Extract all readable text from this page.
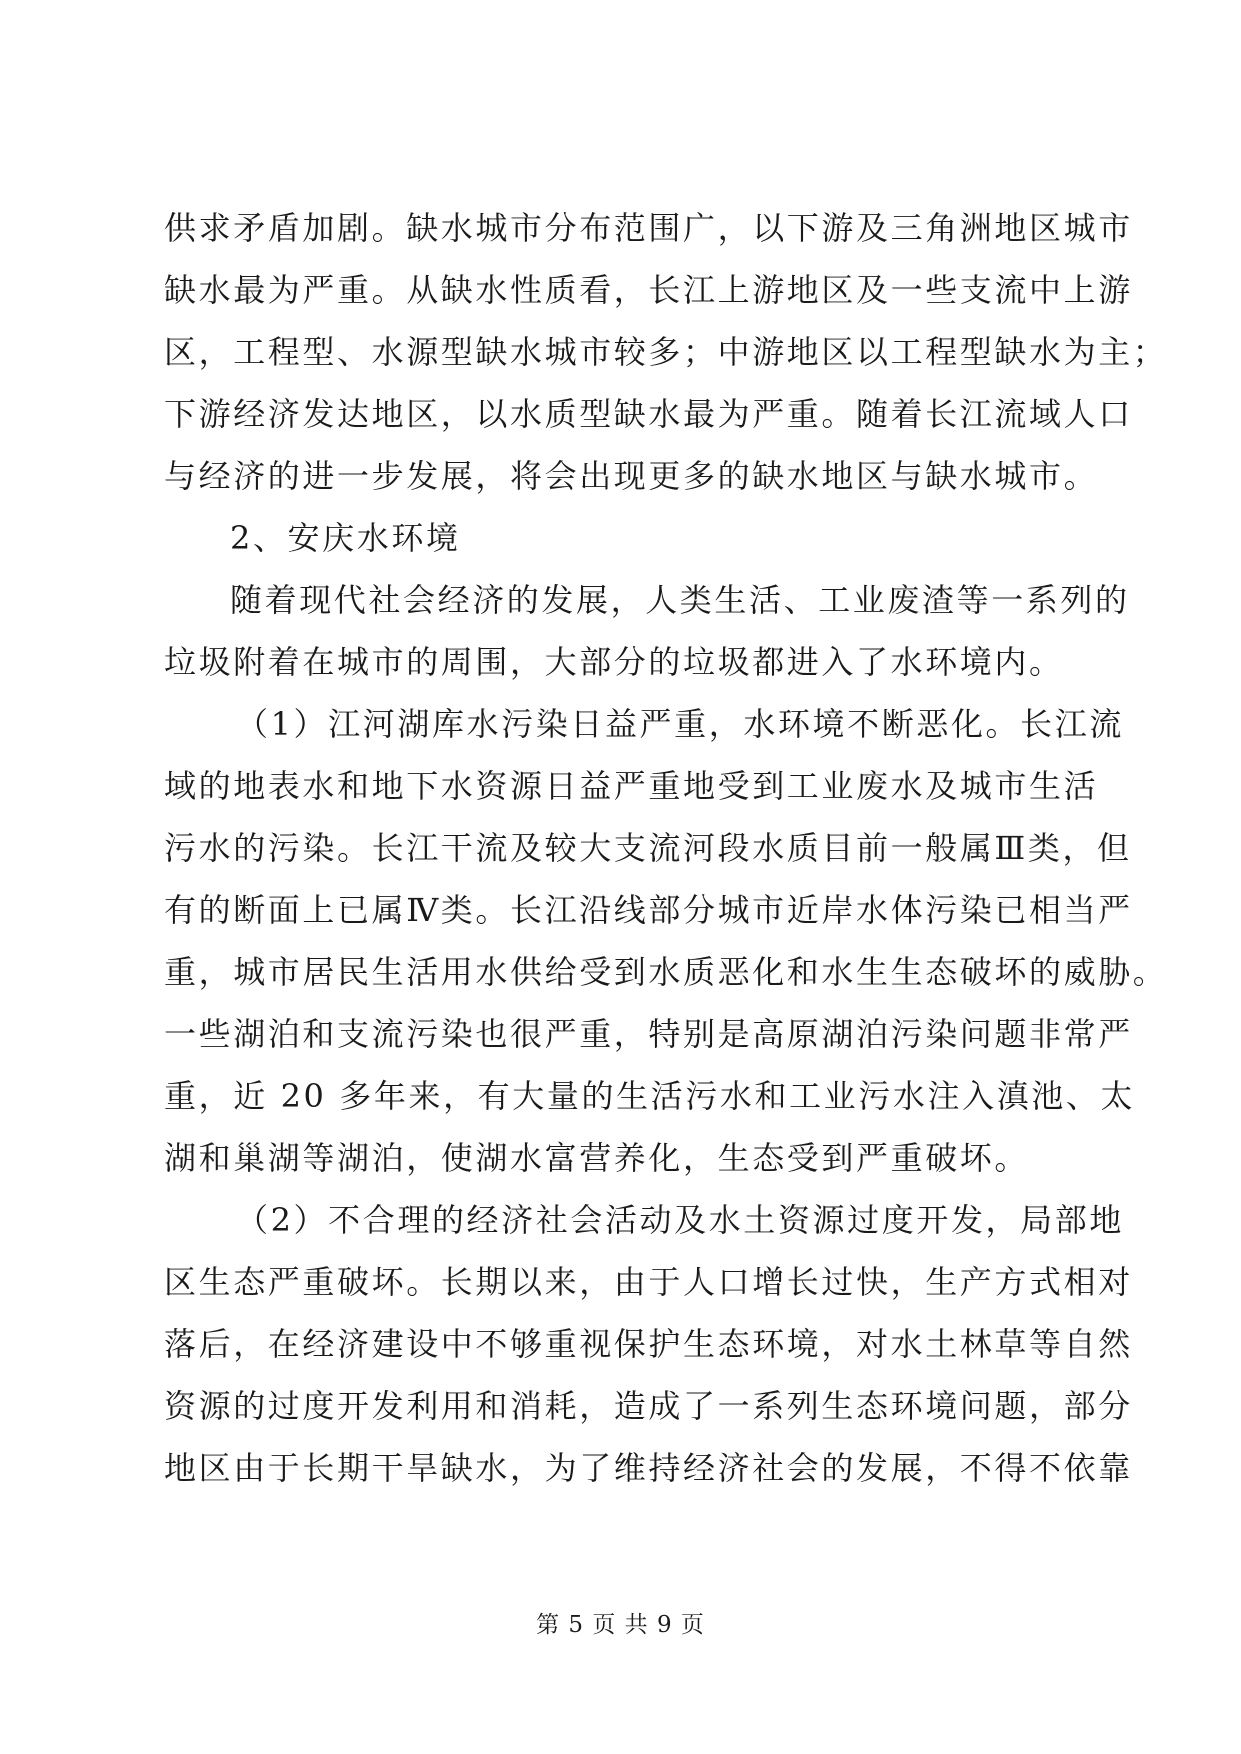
供求矛盾加剧。缺水城市分布范围广，以下游及三角洲地区城市
缺水最为严重。从缺水性质看，长江上游地区及一些支流中上游
区，工程型、水源型缺水城市较多；中游地区以工程型缺水为主；
下游经济发达地区，以水质型缺水最为严重。随着长江流域人口
与经济的进一步发展，将会出现更多的缺水地区与缺水城市。
2、安庆水环境
随着现代社会经济的发展，人类生活、工业废渣等一系列的
垃圾附着在城市的周围，大部分的垃圾都进入了水环境内。
（1）江河湖库水污染日益严重，水环境不断恶化。长江流
域的地表水和地下水资源日益严重地受到工业废水及城市生活
污水的污染。长江干流及较大支流河段水质目前一般属Ⅲ类，但
有的断面上已属Ⅳ类。长江沿线部分城市近岸水体污染已相当严
重，城市居民生活用水供给受到水质恶化和水生生态破坏的威胁。
一些湖泊和支流污染也很严重，特别是高原湖泊污染问题非常严
重，近 20 多年来，有大量的生活污水和工业污水注入滇池、太
湖和巢湖等湖泊，使湖水富营养化，生态受到严重破坏。
（2）不合理的经济社会活动及水土资源过度开发，局部地
区生态严重破坏。长期以来，由于人口增长过快，生产方式相对
落后，在经济建设中不够重视保护生态环境，对水土林草等自然
资源的过度开发利用和消耗，造成了一系列生态环境问题，部分
地区由于长期干旱缺水，为了维持经济社会的发展，不得不依靠
第 5 页 共 9 页
